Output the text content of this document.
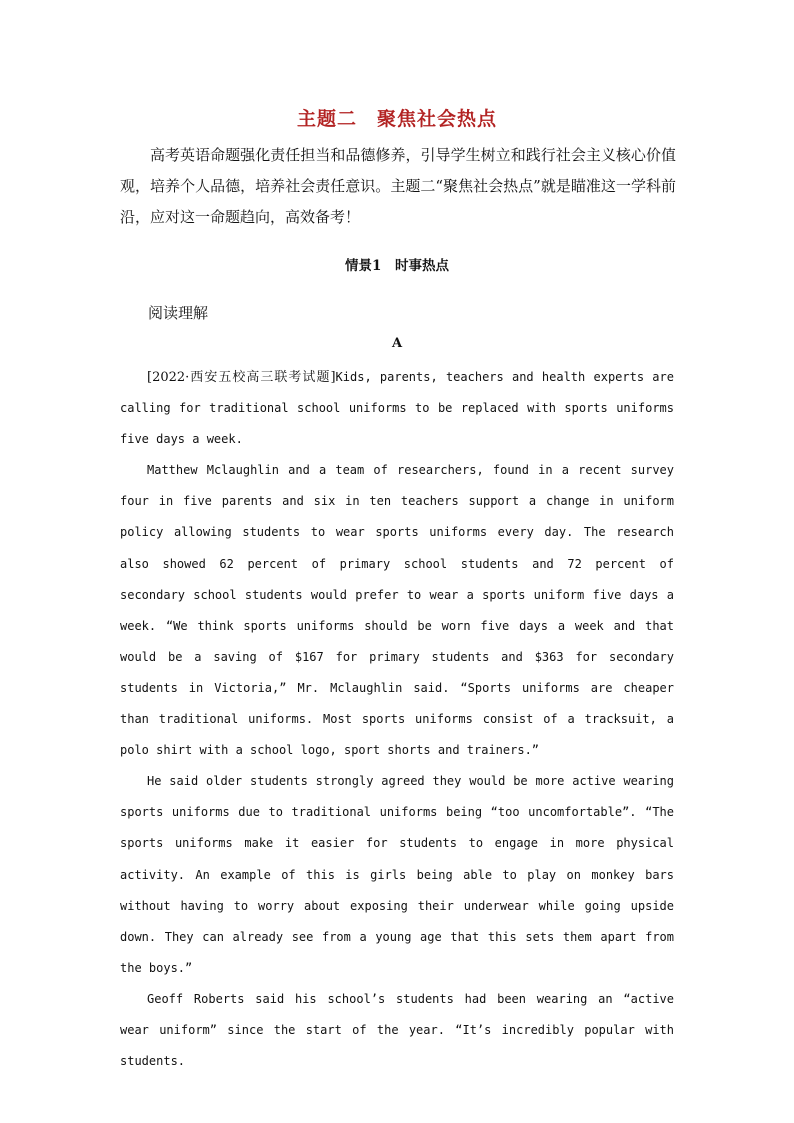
主题二　聚焦社会热点

高考英语命题强化责任担当和品德修养，引导学生树立和践行社会主义核心价值观，培养个人品德，培养社会责任意识。主题二“聚焦社会热点”就是瞄准这一学科前沿，应对这一命题趋向，高效备考！

情景1　时事热点
阅读理解
A

[2022·西安五校高三联考试题]Kids, parents, teachers and health experts are calling for traditional school uniforms to be replaced with sports uniforms five days a week.

Matthew Mclaughlin and a team of researchers, found in a recent survey four in five parents and six in ten teachers support a change in uniform policy allowing students to wear sports uniforms every day. The research also showed 62 percent of primary school students and 72 percent of secondary school students would prefer to wear a sports uniform five days a week. “We think sports uniforms should be worn five days a week and that would be a saving of $167 for primary students and $363 for secondary students in Victoria,” Mr. Mclaughlin said. “Sports uniforms are cheaper than traditional uniforms. Most sports uniforms consist of a tracksuit, a polo shirt with a school logo, sport shorts and trainers.”

He said older students strongly agreed they would be more active wearing sports uniforms due to traditional uniforms being “too uncomfortable”. “The sports uniforms make it easier for students to engage in more physical activity. An example of this is girls being able to play on monkey bars without having to worry about exposing their underwear while going upside down. They can already see from a young age that this sets them apart from the boys.”

Geoff Roberts said his school’s students had been wearing an “active wear uniform” since the start of the year. “It’s incredibly popular with students.
